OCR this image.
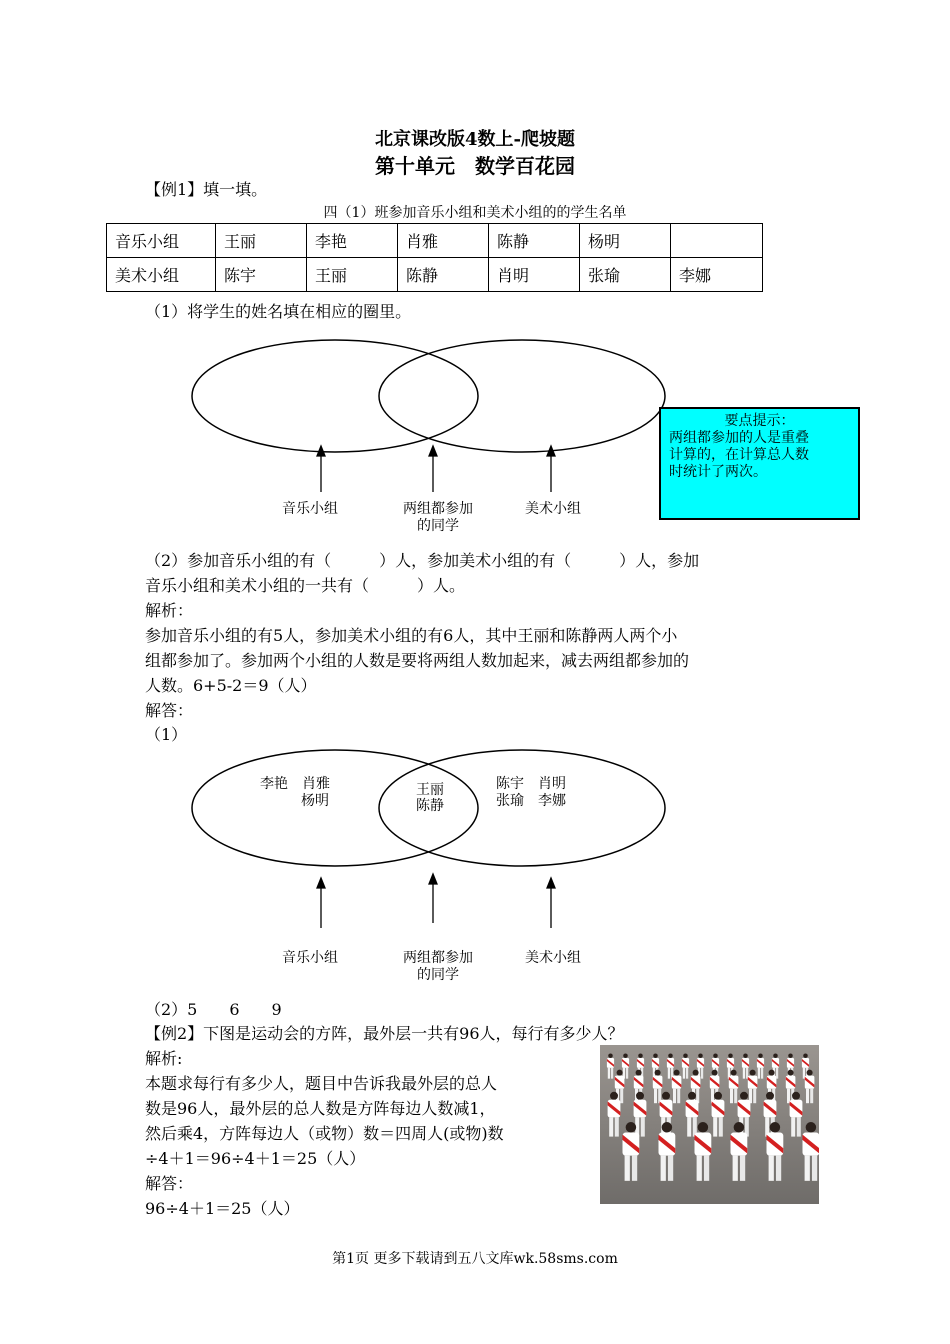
北京课改版4数上-爬坡题
第十单元　数学百花园
【例1】填一填。
四（1）班参加音乐小组和美术小组的的学生名单
音乐小组	王丽	李艳	肖雅	陈静	杨明	
美术小组	陈宇	王丽	陈静	肖明	张瑜	李娜
（1）将学生的姓名填在相应的圈里。
音乐小组	两组都参加
的同学
美术小组
要点提示：
两组都参加的人是重叠
计算的，在计算总人数
时统计了两次。
（2）参加音乐小组的有（　　　）人，参加美术小组的有（　　　）人，参加
音乐小组和美术小组的一共有（　　　）人。
解析：
参加音乐小组的有5人，参加美术小组的有6人，其中王丽和陈静两人两个小
组都参加了。参加两个小组的人数是要将两组人数加起来，减去两组都参加的
人数。6+5-2＝9（人）
解答：
（1）
李艳　肖雅
杨明
王丽
陈静
陈宇　肖明
张瑜　李娜
音乐小组	两组都参加
的同学
美术小组
（2）5　　6　　9
【例2】下图是运动会的方阵，最外层一共有96人，每行有多少人？
解析:
本题求每行有多少人，题目中告诉我最外层的总人
数是96人，最外层的总人数是方阵每边人数减1，
然后乘4，方阵每边人（或物）数＝四周人(或物)数
÷4＋1＝96÷4＋1＝25（人）
解答：
96÷4＋1＝25（人）
第1页 更多下载请到五八文库wk.58sms.com
